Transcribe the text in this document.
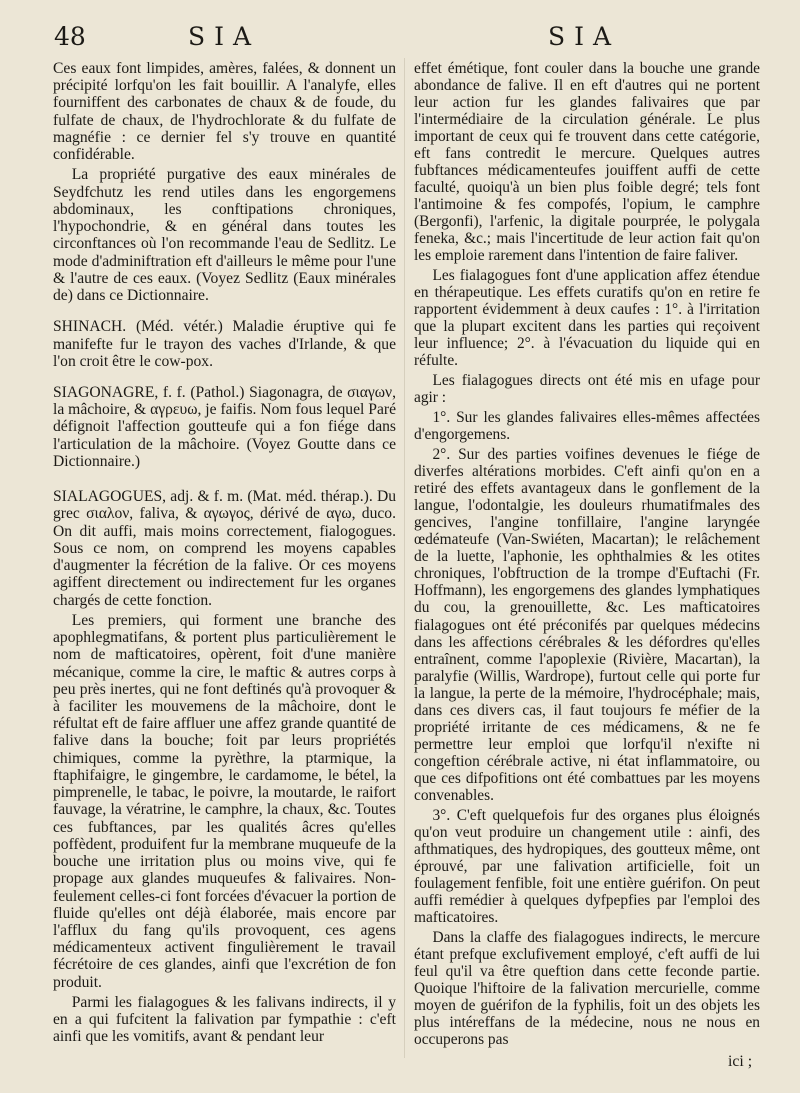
48	SIA	SIA

Ces eaux font limpides, amères, falées, & donnent un précipité lorfqu'on les fait bouillir. A l'analyfe, elles fourniffent des carbonates de chaux & de foude, du fulfate de chaux, de l'hydrochlorate & du fulfate de magnéfie : ce dernier fel s'y trouve en quantité confidérable.

La propriété purgative des eaux minérales de Seydfchutz les rend utiles dans les engorgemens abdominaux, les conftipations chroniques, l'hypochondrie, & en général dans toutes les circonftances où l'on recommande l'eau de Sedlitz. Le mode d'adminiftration eft d'ailleurs le même pour l'une & l'autre de ces eaux. (Voyez Sedlitz (Eaux minérales de) dans ce Dictionnaire.

SHINACH. (Méd. vétér.) Maladie éruptive qui fe manifefte fur le trayon des vaches d'Irlande, & que l'on croit être le cow-pox.

SIAGONAGRE, f. f. (Pathol.) Siagonagra, de σιαγων, la mâchoire, & αγρευω, je faifis. Nom fous lequel Paré défignoit l'affection goutteufe qui a fon fiége dans l'articulation de la mâchoire. (Voyez Goutte dans ce Dictionnaire.)

SIALAGOGUES, adj. & f. m. (Mat. méd. thérap.). Du grec σιαλον, faliva, & αγωγος, dérivé de αγω, duco. On dit auffi, mais moins correctement, fialogogues. Sous ce nom, on comprend les moyens capables d'augmenter la fécrétion de la falive. Or ces moyens agiffent directement ou indirectement fur les organes chargés de cette fonction.

Les premiers, qui forment une branche des apophlegmatifans, & portent plus particulièrement le nom de mafticatoires, opèrent, foit d'une manière mécanique, comme la cire, le maftic & autres corps à peu près inertes, qui ne font deftinés qu'à provoquer & à faciliter les mouvemens de la mâchoire, dont le réfultat eft de faire affluer une affez grande quantité de falive dans la bouche; foit par leurs propriétés chimiques, comme la pyrèthre, la ptarmique, la ftaphifaigre, le gingembre, le cardamome, le bétel, la pimprenelle, le tabac, le poivre, la moutarde, le raifort fauvage, la vératrine, le camphre, la chaux, &c. Toutes ces fubftances, par les qualités âcres qu'elles poffèdent, produifent fur la membrane muqueufe de la bouche une irritation plus ou moins vive, qui fe propage aux glandes muqueufes & falivaires. Non-feulement celles-ci font forcées d'évacuer la portion de fluide qu'elles ont déjà élaborée, mais encore par l'afflux du fang qu'ils provoquent, ces agens médicamenteux activent fingulièrement le travail fécrétoire de ces glandes, ainfi que l'excrétion de fon produit.

Parmi les fialagogues & les falivans indirects, il y en a qui fufcitent la falivation par fympathie : c'eft ainfi que les vomitifs, avant & pendant leur

effet émétique, font couler dans la bouche une grande abondance de falive. Il en eft d'autres qui ne portent leur action fur les glandes falivaires que par l'intermédiaire de la circulation générale. Le plus important de ceux qui fe trouvent dans cette catégorie, eft fans contredit le mercure. Quelques autres fubftances médicamenteufes jouiffent auffi de cette faculté, quoiqu'à un bien plus foible degré; tels font l'antimoine & fes compofés, l'opium, le camphre (Bergonfi), l'arfenic, la digitale pourprée, le polygala feneka, &c.; mais l'incertitude de leur action fait qu'on les emploie rarement dans l'intention de faire faliver.

Les fialagogues font d'une application affez étendue en thérapeutique. Les effets curatifs qu'on en retire fe rapportent évidemment à deux caufes : 1°. à l'irritation que la plupart excitent dans les parties qui reçoivent leur influence; 2°. à l'évacuation du liquide qui en réfulte.

Les fialagogues directs ont été mis en ufage pour agir :

1°. Sur les glandes falivaires elles-mêmes affectées d'engorgemens.

2°. Sur des parties voifines devenues le fiége de diverfes altérations morbides. C'eft ainfi qu'on en a retiré des effets avantageux dans le gonflement de la langue, l'odontalgie, les douleurs rhumatifmales des gencives, l'angine tonfillaire, l'angine laryngée œdémateufe (Van-Swiéten, Macartan); le relâchement de la luette, l'aphonie, les ophthalmies & les otites chroniques, l'obftruction de la trompe d'Euftachi (Fr. Hoffmann), les engorgemens des glandes lymphatiques du cou, la grenouillette, &c. Les mafticatoires fialagogues ont été préconifés par quelques médecins dans les affections cérébrales & les défordres qu'elles entraînent, comme l'apoplexie (Rivière, Macartan), la paralyfie (Willis, Wardrope), furtout celle qui porte fur la langue, la perte de la mémoire, l'hydrocéphale; mais, dans ces divers cas, il faut toujours fe méfier de la propriété irritante de ces médicamens, & ne fe permettre leur emploi que lorfqu'il n'exifte ni congeftion cérébrale active, ni état inflammatoire, ou que ces difpofitions ont été combattues par les moyens convenables.

3°. C'eft quelquefois fur des organes plus éloignés qu'on veut produire un changement utile : ainfi, des afthmatiques, des hydropiques, des goutteux même, ont éprouvé, par une falivation artificielle, foit un foulagement fenfible, foit une entière guérifon. On peut auffi remédier à quelques dyfpepfies par l'emploi des mafticatoires.

Dans la claffe des fialagogues indirects, le mercure étant prefque exclufivement employé, c'eft auffi de lui feul qu'il va être queftion dans cette feconde partie. Quoique l'hiftoire de la falivation mercurielle, comme moyen de guérifon de la fyphilis, foit un des objets les plus intéreffans de la médecine, nous ne nous en occuperons pas

ici ;
